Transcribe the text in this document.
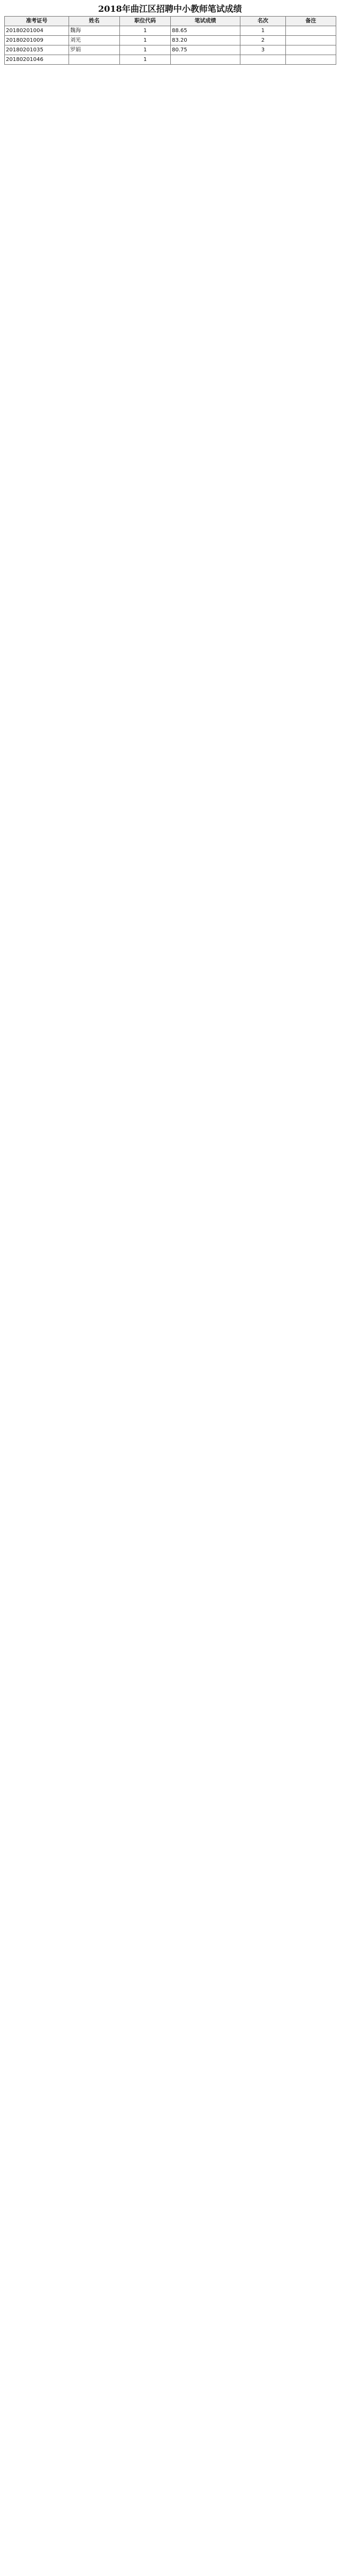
2018年曲江区招聘中小教师笔试成绩
准考证号	姓名	职位代码	笔试成绩	名次	备注
20180201004	魏海	1	88.65	1	
20180201009	刘光	1	83.20	2	
20180201035	罗娟	1	80.75	3	
20180201046		1			
